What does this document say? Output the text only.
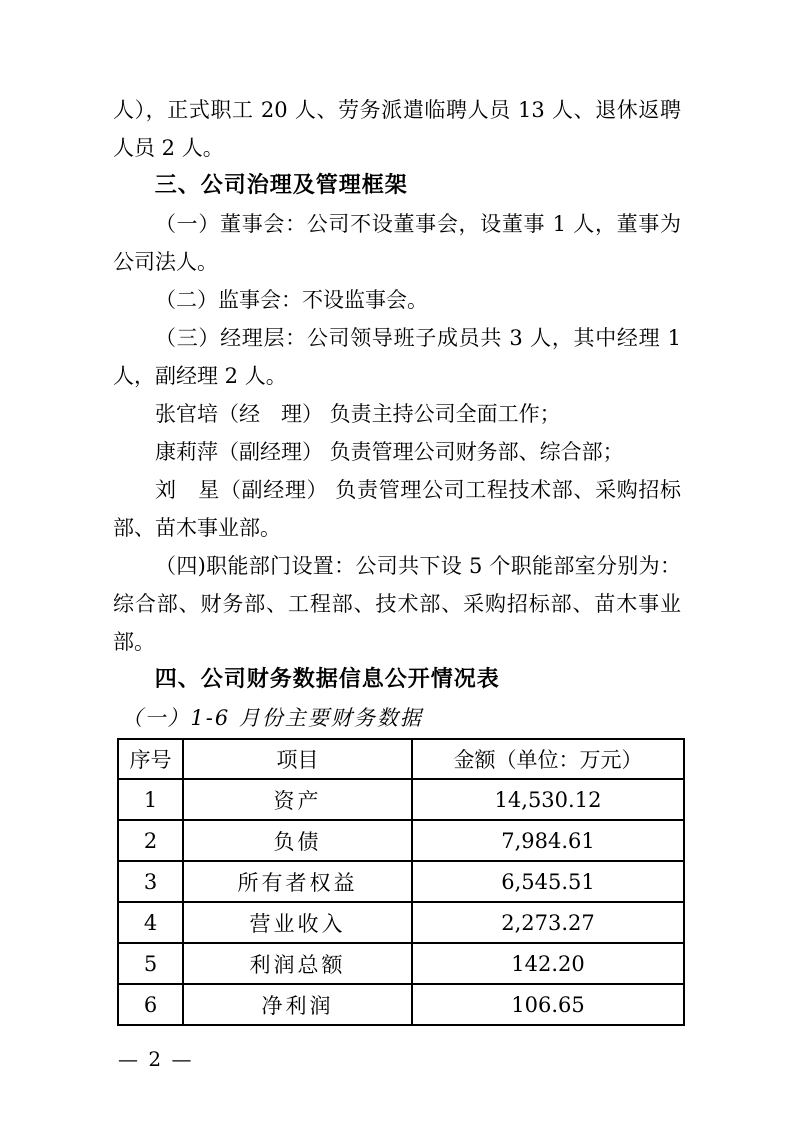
人），正式职工 20 人、劳务派遣临聘人员 13 人、退休返聘人员 2 人。

三、公司治理及管理框架

（一）董事会：公司不设董事会，设董事 1 人，董事为公司法人。

（二）监事会：不设监事会。

（三）经理层：公司领导班子成员共 3 人，其中经理 1 人，副经理 2 人。

张官培（经　理） 负责主持公司全面工作；

康莉萍（副经理） 负责管理公司财务部、综合部；

刘　星（副经理） 负责管理公司工程技术部、采购招标部、苗木事业部。

（四)职能部门设置：公司共下设 5 个职能部室分别为：综合部、财务部、工程部、技术部、采购招标部、苗木事业部。

四、公司财务数据信息公开情况表

（一）1-6 月份主要财务数据

序号	项目	金额（单位：万元）
1	资产	14,530.12
2	负债	7,984.61
3	所有者权益	6,545.51
4	营业收入	2,273.27
5	利润总额	142.20
6	净利润	106.65
— 2 —
